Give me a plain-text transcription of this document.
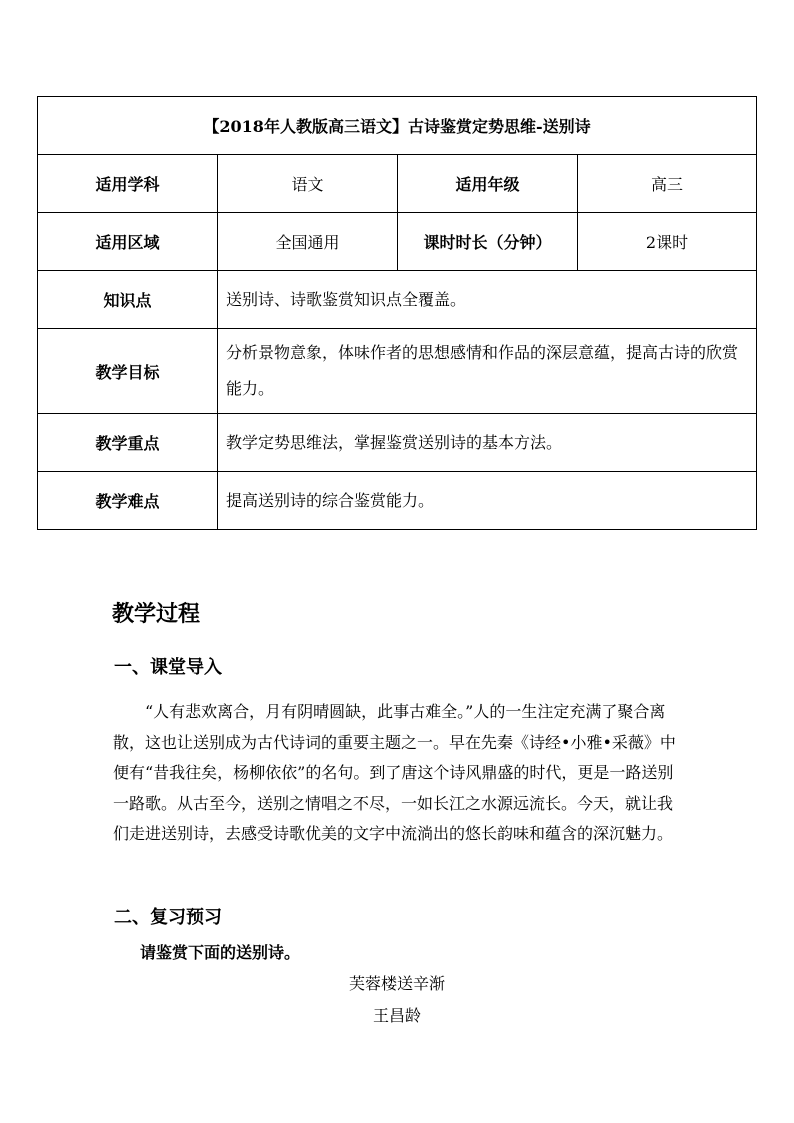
【2018年人教版高三语文】古诗鉴赏定势思维-送别诗			
适用学科	语文	适用年级	高三
适用区域	全国通用	课时时长（分钟）	2课时
知识点	送别诗、诗歌鉴赏知识点全覆盖。		
教学目标	分析景物意象，体味作者的思想感情和作品的深层意蕴，提高古诗的欣赏能力。		
教学重点	教学定势思维法，掌握鉴赏送别诗的基本方法。		
教学难点	提高送别诗的综合鉴赏能力。		
教学过程
一、课堂导入

“人有悲欢离合，月有阴晴圆缺，此事古难全。”人的一生注定充满了聚合离散，这也让送别成为古代诗词的重要主题之一。早在先秦《诗经•小雅•采薇》中便有“昔我往矣，杨柳依依”的名句。到了唐这个诗风鼎盛的时代，更是一路送别一路歌。从古至今，送别之情唱之不尽，一如长江之水源远流长。今天，就让我们走进送别诗，去感受诗歌优美的文字中流淌出的悠长韵味和蕴含的深沉魅力。

二、复习预习

请鉴赏下面的送别诗。

芙蓉楼送辛渐

王昌龄
